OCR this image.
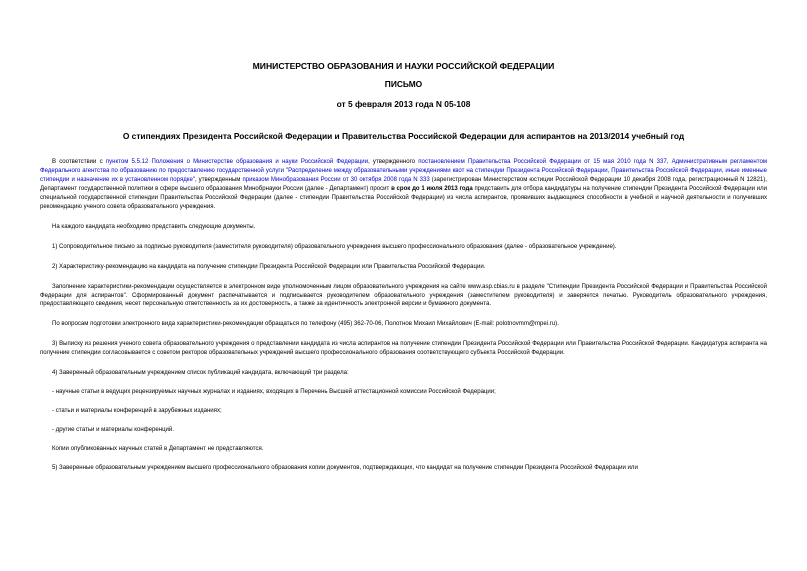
МИНИСТЕРСТВО ОБРАЗОВАНИЯ И НАУКИ РОССИЙСКОЙ ФЕДЕРАЦИИ
ПИСЬМО
от 5 февраля 2013 года N 05-108
О стипендиях Президента Российской Федерации и Правительства Российской Федерации для аспирантов на 2013/2014 учебный год

В соответствии с пунктом 5.5.12 Положения о Министерстве образования и науки Российской Федерации, утвержденного постановлением Правительства Российской Федерации от 15 мая 2010 года N 337, Административным регламентом Федерального агентства по образованию по предоставлению государственной услуги "Распределение между образовательными учреждениями квот на стипендии Президента Российской Федерации, Правительства Российской Федерации, иные именные стипендии и назначение их в установленном порядке", утвержденным приказом Минобразования России от 30 октября 2008 года N 333 (зарегистрирован Министерством юстиции Российской Федерации 10 декабря 2008 года, регистрационный N 12821), Департамент государственной политики в сфере высшего образования Минобрнауки России (далее - Департамент) просит в срок до 1 июля 2013 года представить для отбора кандидатуры на получение стипендии Президента Российской Федерации или специальной государственной стипендии Правительства Российской Федерации (далее - стипендии Правительства Российской Федерации) из числа аспирантов, проявивших выдающиеся способности в учебной и научной деятельности и получивших рекомендацию ученого совета образовательного учреждения.

На каждого кандидата необходимо представить следующие документы.

1) Сопроводительное письмо за подписью руководителя (заместителя руководителя) образовательного учреждения высшего профессионального образования (далее - образовательное учреждение).

2) Характеристику-рекомендацию на кандидата на получение стипендии Президента Российской Федерации или Правительства Российской Федерации.

Заполнение характеристики-рекомендации осуществляется в электронном виде уполномоченным лицом образовательного учреждения на сайте www.asp.cbias.ru в разделе "Стипендии Президента Российской Федерации и Правительства Российской Федерации для аспирантов". Сформированный документ распечатывается и подписывается руководителем образовательного учреждения (заместителем руководителя) и заверяется печатью. Руководитель образовательного учреждения, предоставляющего сведения, несет персональную ответственность за их достоверность, а также за идентичность электронной версии и бумажного документа.

По вопросам подготовки электронного вида характеристики-рекомендации обращаться по телефону (495) 362-70-06, Полотнов Михаил Михайлович (E-mail: polotnovmm@mpei.ru).

3) Выписку из решения ученого совета образовательного учреждения о представлении кандидата из числа аспирантов на получение стипендии Президента Российской Федерации или Правительства Российской Федерации. Кандидатура аспиранта на получение стипендии согласовывается с советом ректоров образовательных учреждений высшего профессионального образования соответствующего субъекта Российской Федерации.

4) Заверенный образовательным учреждением список публикаций кандидата, включающий три раздела:

- научные статьи в ведущих рецензируемых научных журналах и изданиях, входящих в Перечень Высшей аттестационной комиссии Российской Федерации;

- статьи и материалы конференций в зарубежных изданиях;

- другие статьи и материалы конференций.

Копии опубликованных научных статей в Департамент не представляются.

5) Заверенные образовательным учреждением высшего профессионального образования копии документов, подтверждающих, что кандидат на получение стипендии Президента Российской Федерации или
